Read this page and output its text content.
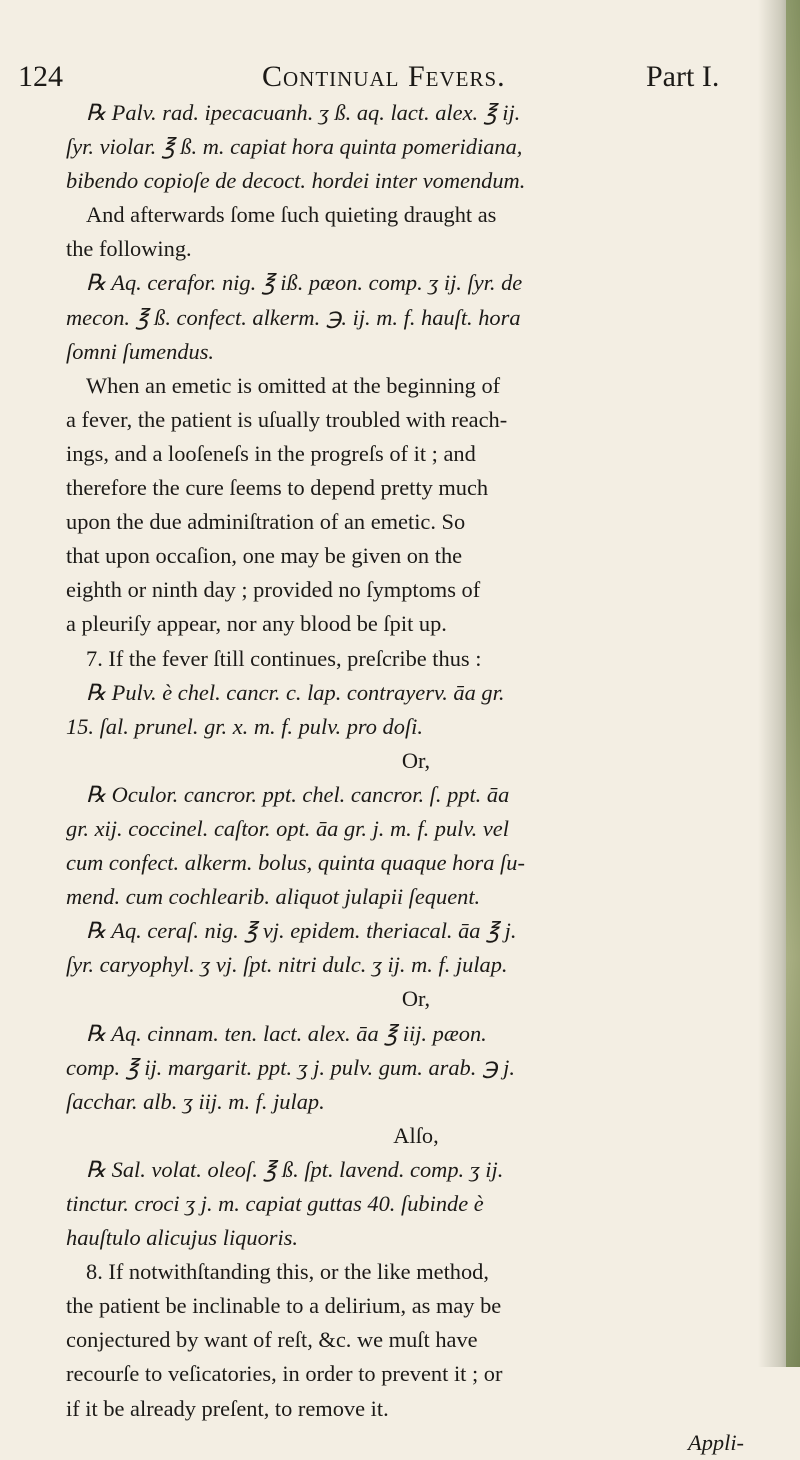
124	Continual Fevers.	Part I.
℞ Palv. rad. ipecacuanh. ʒ ß. aq. lact. alex. ℥ ij.
ſyr. violar. ℥ ß. m. capiat hora quinta pomeridiana,
bibendo copioſe de decoct. hordei inter vomendum.
And afterwards ſome ſuch quieting draught as
the following.
℞ Aq. cerafor. nig. ℥ iß. pæon. comp. ʒ ij. ſyr. de
mecon. ℥ ß. confect. alkerm. ℈. ij. m. f. hauſt. hora
ſomni ſumendus.
When an emetic is omitted at the beginning of
a fever, the patient is uſually troubled with reach-
ings, and a looſeneſs in the progreſs of it ; and
therefore the cure ſeems to depend pretty much
upon the due adminiſtration of an emetic. So
that upon occaſion, one may be given on the
eighth or ninth day ; provided no ſymptoms of
a pleuriſy appear, nor any blood be ſpit up.
7. If the fever ſtill continues, preſcribe thus :
℞ Pulv. è chel. cancr. c. lap. contrayerv. āa gr.
15. ſal. prunel. gr. x. m. f. pulv. pro doſi.
Or,
℞ Oculor. cancror. ppt. chel. cancror. ſ. ppt. āa
gr. xij. coccinel. caſtor. opt. āa gr. j. m. f. pulv. vel
cum confect. alkerm. bolus, quinta quaque hora ſu-
mend. cum cochlearib. aliquot julapii ſequent.
℞ Aq. ceraſ. nig. ℥ vj. epidem. theriacal. āa ℥ j.
ſyr. caryophyl. ʒ vj. ſpt. nitri dulc. ʒ ij. m. f. julap.
Or,
℞ Aq. cinnam. ten. lact. alex. āa ℥ iij. pæon.
comp. ℥ ij. margarit. ppt. ʒ j. pulv. gum. arab. ℈ j.
ſacchar. alb. ʒ iij. m. f. julap.
Alſo,
℞ Sal. volat. oleoſ. ℥ ß. ſpt. lavend. comp. ʒ ij.
tinctur. croci ʒ j. m. capiat guttas 40. ſubinde è
hauſtulo alicujus liquoris.
8. If notwithſtanding this, or the like method,
the patient be inclinable to a delirium, as may be
conjectured by want of reſt, &c. we muſt have
recourſe to veſicatories, in order to prevent it ; or
if it be already preſent, to remove it.
Appli-
